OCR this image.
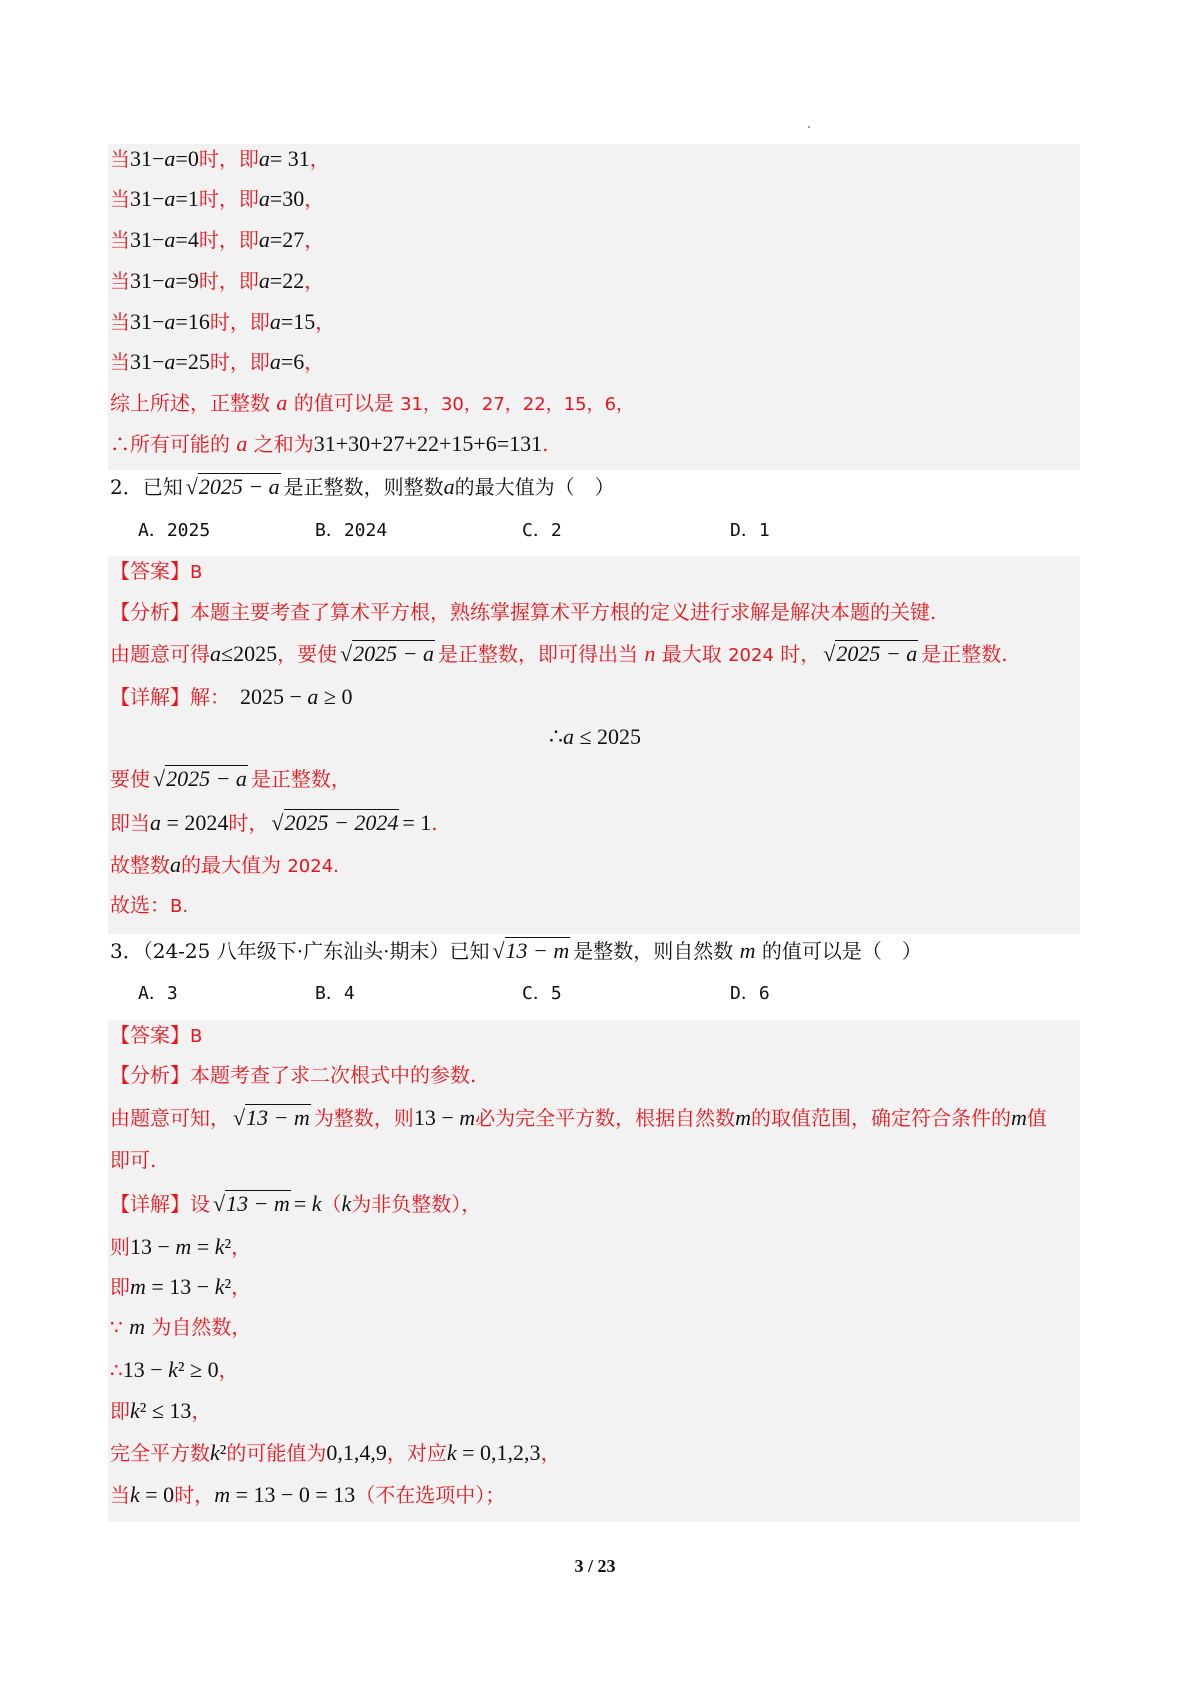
当31−a=0时，即a= 31，
当31−a=1时，即a=30，
当31−a=4时，即a=27，
当31−a=9时，即a=22，
当31−a=16时，即a=15，
当31−a=25时，即a=6，
综上所述，正整数 a 的值可以是 31，30，27，22，15，6，
∴所有可能的 a 之和为31+30+27+22+15+6=131.
2．已知 √ 2025 − a 是正整数，则整数a的最大值为（　）
A．2025	B．2024	C．2	D．1
【答案】B
【分析】本题主要考查了算术平方根，熟练掌握算术平方根的定义进行求解是解决本题的关键.
由题意可得a≤2025，要使 √ 2025 − a 是正整数，即可得出当 n 最大取 2024 时， √ 2025 − a 是正整数.
【详解】解：　2025 − a ≥ 0
∴a ≤ 2025
要使 √ 2025 − a 是正整数，
即当a = 2024时， √ 2025 − 2024 = 1.
故整数a的最大值为 2024.
故选：B.
3．（24-25 八年级下·广东汕头·期末）已知 √ 13 − m 是整数，则自然数 m 的值可以是（　）
A．3	B．4	C．5	D．6
【答案】B
【分析】本题考查了求二次根式中的参数.
由题意可知， √ 13 − m 为整数，则13 − m必为完全平方数，根据自然数m的取值范围，确定符合条件的m值
即可.
【详解】设 √ 13 − m = k（k为非负整数），
则13 − m = k²，
即m = 13 − k²，
∵ m 为自然数，
∴13 − k² ≥ 0，
即k² ≤ 13，
完全平方数k²的可能值为0,1,4,9，对应k = 0,1,2,3，
当k = 0时，m = 13 − 0 = 13（不在选项中）；
3 / 23
